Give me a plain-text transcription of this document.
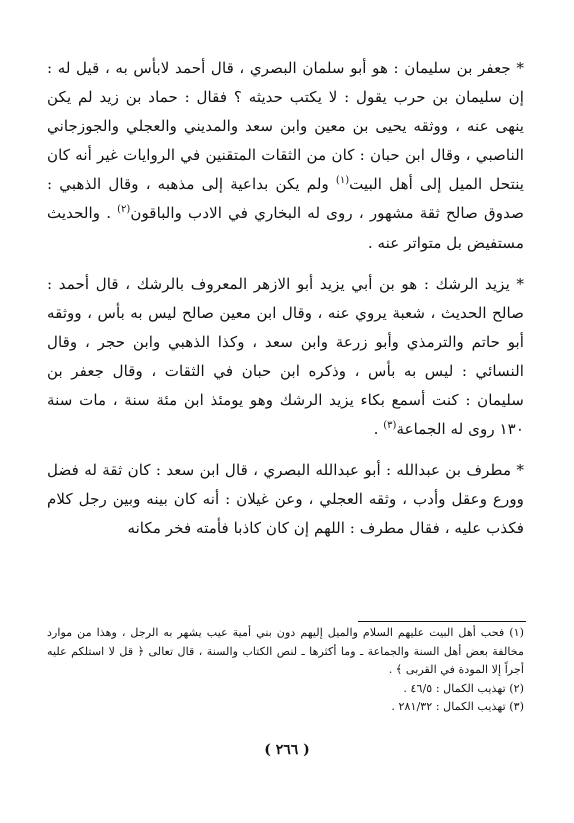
* جعفر بن سليمان : هو أبو سلمان البصري ، قال أحمد لابأس به ، قيل له : إن سليمان بن حرب يقول : لا يكتب حديثه ؟ فقال : حماد بن زيد لم يكن ينهى عنه ، ووثقه يحيى بن معين وابن سعد والمديني والعجلي والجوزجاني الناصبي ، وقال ابن حبان : كان من الثقات المتقنين في الروايات غير أنه كان ينتحل الميل إلى أهل البيت$^{(١)}$ ولم يكن بداعية إلى مذهبه ، وقال الذهبي : صدوق صالح ثقة مشهور ، روى له البخاري في الادب والباقون$^{(٢)}$ . والحديث مستفيض بل متواتر عنه .

* يزيد الرشك : هو بن أبي يزيد أبو الازهر المعروف بالرشك ، قال أحمد : صالح الحديث ، شعبة يروي عنه ، وقال ابن معين صالح ليس به بأس ، ووثقه أبو حاتم والترمذي وأبو زرعة وابن سعد ، وكذا الذهبي وابن حجر ، وقال النسائي : ليس به بأس ، وذكره ابن حبان في الثقات ، وقال جعفر بن سليمان : كنت أسمع بكاء يزيد الرشك وهو يومئذ ابن مئة سنة ، مات سنة ١٣٠ روى له الجماعة$^{(٣)}$ .

* مطرف بن عبدالله : أبو عبدالله البصري ، قال ابن سعد : كان ثقة له فضل وورع وعقل وأدب ، وثقه العجلي ، وعن غيلان : أنه كان بينه وبين رجل كلام فكذب عليه ، فقال مطرف : اللهم إن كان كاذبا فأمته فخر مكانه

(١) فحب أهل البيت عليهم السلام والميل إليهم دون بني أمية عيب يشهر به الرجل ، وهذا من موارد مخالفة بعض أهل السنة والجماعة ـ وما أكثرها ـ لنص الكتاب والسنة ، قال تعالى ﴿ قل لا استلكم عليه أجراً إلا المودة في القربى ﴾ .

(٢) تهذيب الكمال : ٤٦/٥ .

(٣) تهذيب الكمال : ٢٨١/٣٢ .

( ٢٦٦ )
